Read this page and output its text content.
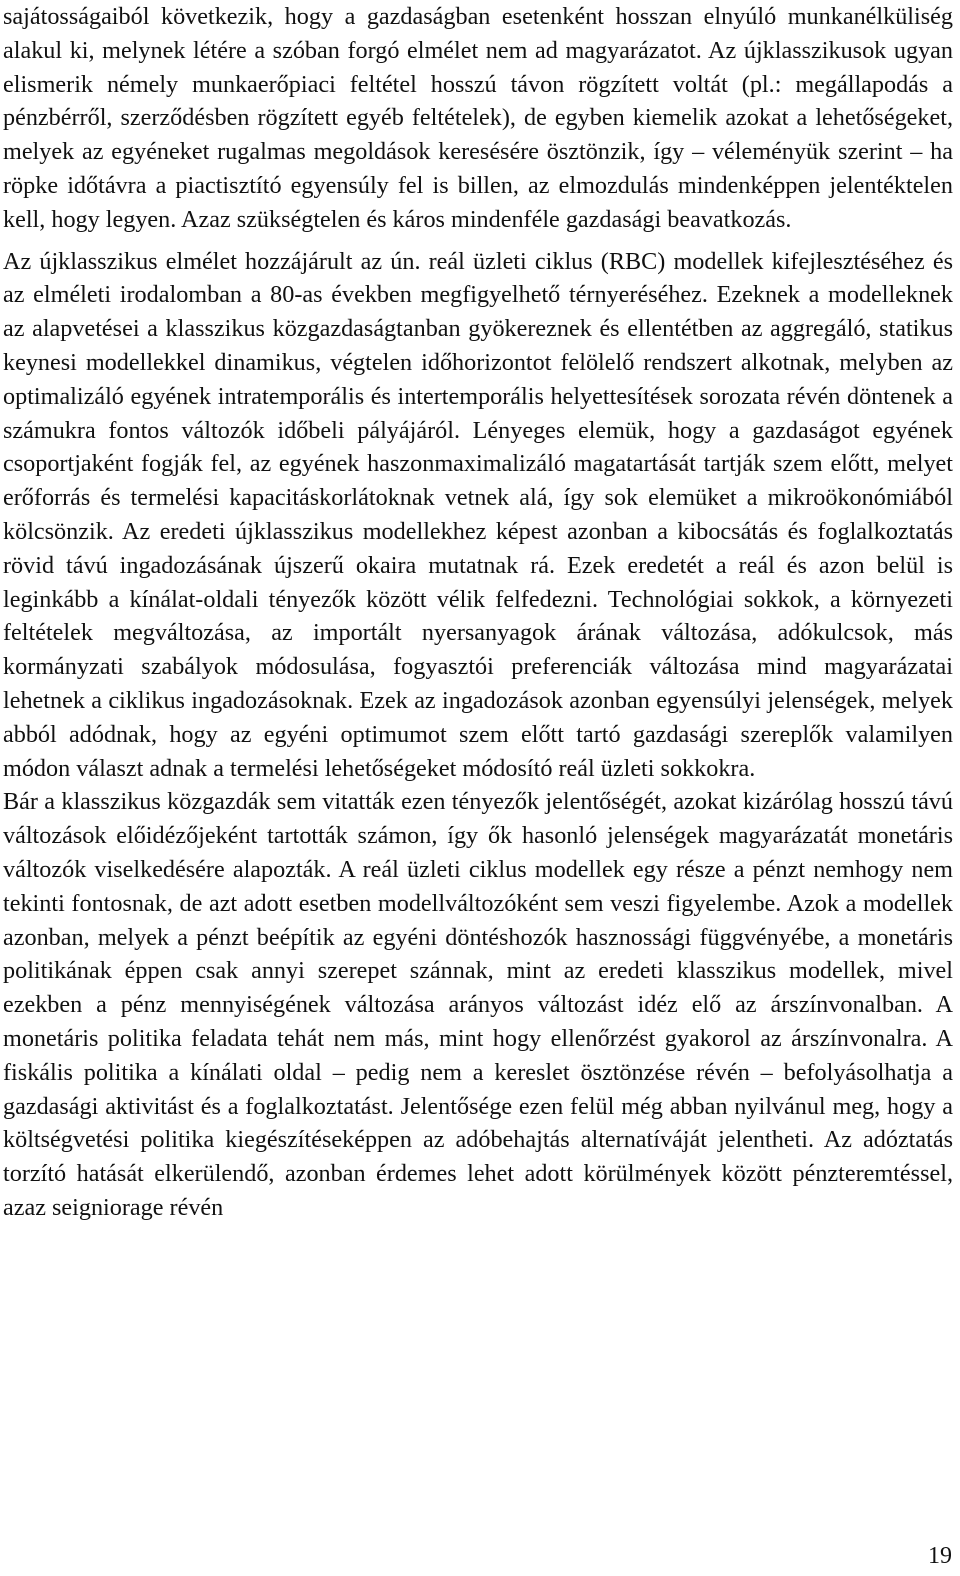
sajátosságaiból következik, hogy a gazdaságban esetenként hosszan elnyúló munkanélküliség alakul ki, melynek létére a szóban forgó elmélet nem ad magyarázatot. Az újklasszikusok ugyan elismerik némely munkaerőpiaci feltétel hosszú távon rögzített voltát (pl.: megállapodás a pénzbérről, szerződésben rögzített egyéb feltételek), de egyben kiemelik azokat a lehetőségeket, melyek az egyéneket rugalmas megoldások keresésére ösztönzik, így – véleményük szerint – ha röpke időtávra a piactisztító egyensúly fel is billen, az elmozdulás mindenképpen jelentéktelen kell, hogy legyen. Azaz szükségtelen és káros mindenféle gazdasági beavatkozás.

Az újklasszikus elmélet hozzájárult az ún. reál üzleti ciklus (RBC) modellek kifejlesztéséhez és az elméleti irodalomban a 80-as években megfigyelhető térnyeréséhez. Ezeknek a modelleknek az alapvetései a klasszikus közgazdaságtanban gyökereznek és ellentétben az aggregáló, statikus keynesi modellekkel dinamikus, végtelen időhorizontot felölelő rendszert alkotnak, melyben az optimalizáló egyének intratemporális és intertemporális helyettesítések sorozata révén döntenek a számukra fontos változók időbeli pályájáról. Lényeges elemük, hogy a gazdaságot egyének csoportjaként fogják fel, az egyének haszonmaximalizáló magatartását tartják szem előtt, melyet erőforrás és termelési kapacitáskorlátoknak vetnek alá, így sok elemüket a mikroökonómiából kölcsönzik. Az eredeti újklasszikus modellekhez képest azonban a kibocsátás és foglalkoztatás rövid távú ingadozásának újszerű okaira mutatnak rá. Ezek eredetét a reál és azon belül is leginkább a kínálat-oldali tényezők között vélik felfedezni. Technológiai sokkok, a környezeti feltételek megváltozása, az importált nyersanyagok árának változása, adókulcsok, más kormányzati szabályok módosulása, fogyasztói preferenciák változása mind magyarázatai lehetnek a ciklikus ingadozásoknak. Ezek az ingadozások azonban egyensúlyi jelenségek, melyek abból adódnak, hogy az egyéni optimumot szem előtt tartó gazdasági szereplők valamilyen módon választ adnak a termelési lehetőségeket módosító reál üzleti sokkokra.

Bár a klasszikus közgazdák sem vitatták ezen tényezők jelentőségét, azokat kizárólag hosszú távú változások előidézőjeként tartották számon, így ők hasonló jelenségek magyarázatát monetáris változók viselkedésére alapozták. A reál üzleti ciklus modellek egy része a pénzt nemhogy nem tekinti fontosnak, de azt adott esetben modellváltozóként sem veszi figyelembe. Azok a modellek azonban, melyek a pénzt beépítik az egyéni döntéshozók hasznossági függvényébe, a monetáris politikának éppen csak annyi szerepet szánnak, mint az eredeti klasszikus modellek, mivel ezekben a pénz mennyiségének változása arányos változást idéz elő az árszínvonalban. A monetáris politika feladata tehát nem más, mint hogy ellenőrzést gyakorol az árszínvonalra. A fiskális politika a kínálati oldal – pedig nem a kereslet ösztönzése révén – befolyásolhatja a gazdasági aktivitást és a foglalkoztatást. Jelentősége ezen felül még abban nyilvánul meg, hogy a költségvetési politika kiegészítéseképpen az adóbehajtás alternatíváját jelentheti. Az adóztatás torzító hatását elkerülendő, azonban érdemes lehet adott körülmények között pénzteremtéssel, azaz seigniorage révén

19
